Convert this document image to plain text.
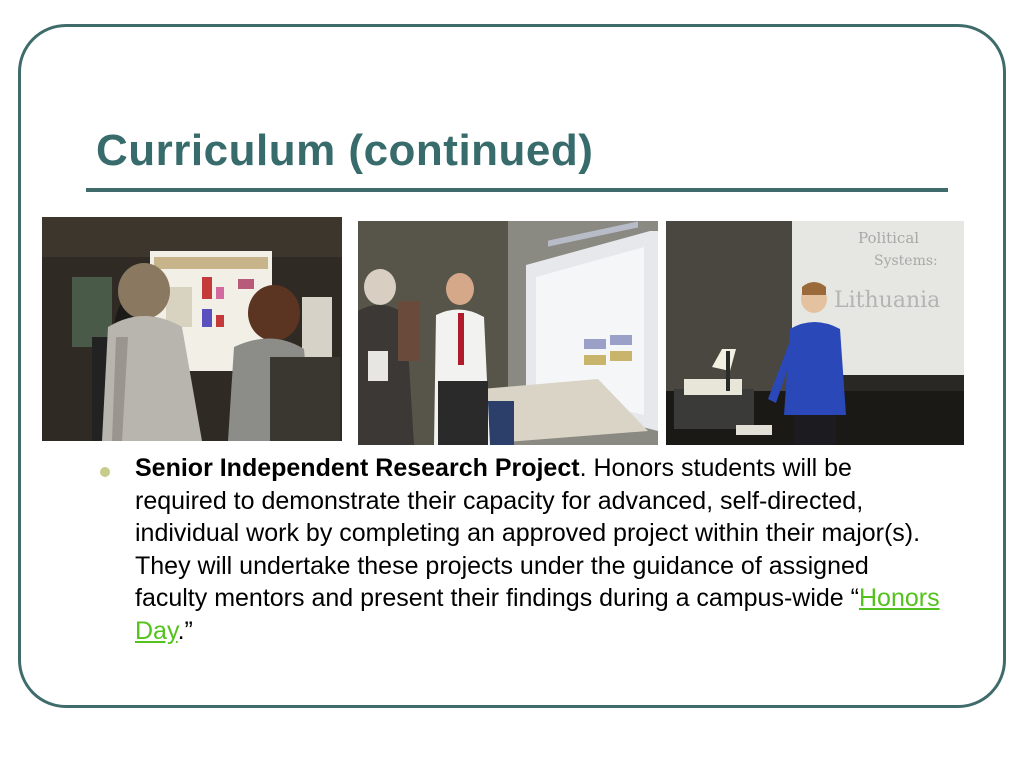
Curriculum (continued)
Political
Systems:
Lithuania

Senior Independent Research Project. Honors students will be required to demonstrate their capacity for advanced, self-directed, individual work by completing an approved project within their major(s). They will undertake these projects under the guidance of assigned faculty mentors and present their findings during a campus-wide “Honors Day.”
